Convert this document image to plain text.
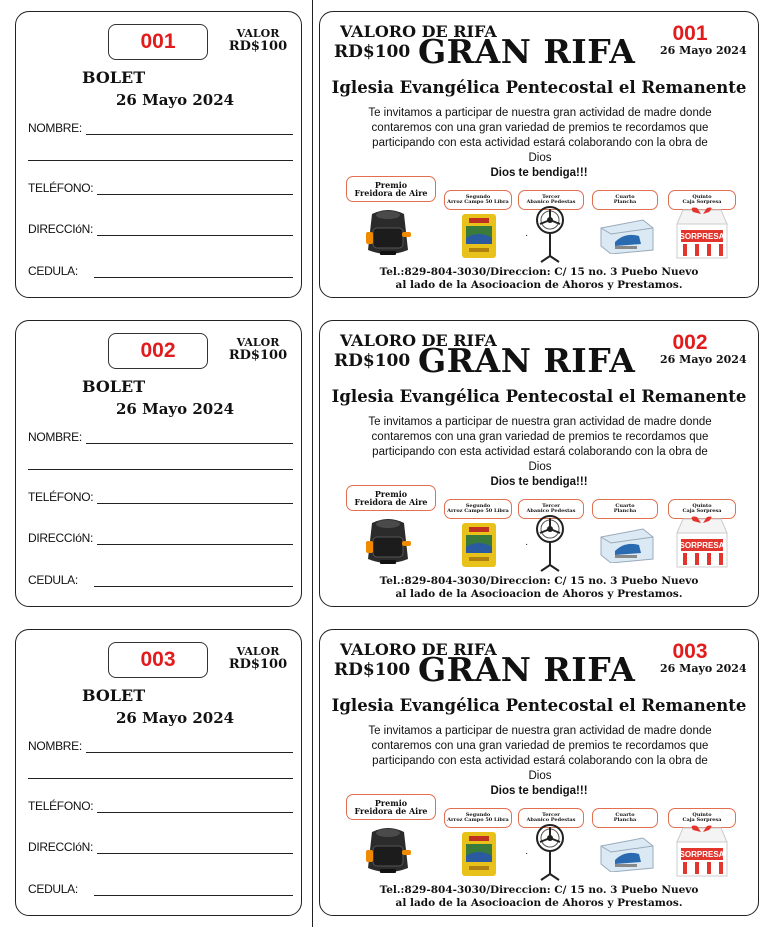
001	VALOR
RD$100
BOLET
26 Mayo 2024
NOMBRE:
TELÉFONO:
DIRECCIóN:
CEDULA:
VALORO DE RIFA
RD$100 GRAN RIFA 001
26 Mayo 2024
Iglesia Evangélica Pentecostal el Remanente
Te invitamos a participar de nuestra gran actividad de madre donde contaremos con una gran variedad de premios te recordamos que participando con esta actividad estará colaborando con la obra de Dios
Dios te bendiga!!!
Premio
Freidora de Aire	Segundo
Arroz Campo 50 Libra
Tercer
Abanico Pedestas
Cuarto
Plancha
Quinto
Caja Sorpresa
·	¡SORPRESA!
Tel.:829-804-3030/Direccion: C/ 15 no. 3 Puebo Nuevo
al lado de la Asocioacion de Ahoros y Prestamos.
002	VALOR
RD$100
BOLET
26 Mayo 2024
NOMBRE:
TELÉFONO:
DIRECCIóN:
CEDULA:
VALORO DE RIFA
RD$100 GRAN RIFA 002
26 Mayo 2024
Iglesia Evangélica Pentecostal el Remanente
Te invitamos a participar de nuestra gran actividad de madre donde contaremos con una gran variedad de premios te recordamos que participando con esta actividad estará colaborando con la obra de Dios
Dios te bendiga!!!
Premio
Freidora de Aire	Segundo
Arroz Campo 50 Libra
Tercer
Abanico Pedestas
Cuarto
Plancha
Quinto
Caja Sorpresa
·	¡SORPRESA!
Tel.:829-804-3030/Direccion: C/ 15 no. 3 Puebo Nuevo
al lado de la Asocioacion de Ahoros y Prestamos.
003	VALOR
RD$100
BOLET
26 Mayo 2024
NOMBRE:
TELÉFONO:
DIRECCIóN:
CEDULA:
VALORO DE RIFA
RD$100 GRAN RIFA 003
26 Mayo 2024
Iglesia Evangélica Pentecostal el Remanente
Te invitamos a participar de nuestra gran actividad de madre donde contaremos con una gran variedad de premios te recordamos que participando con esta actividad estará colaborando con la obra de Dios
Dios te bendiga!!!
Premio
Freidora de Aire	Segundo
Arroz Campo 50 Libra
Tercer
Abanico Pedestas
Cuarto
Plancha
Quinto
Caja Sorpresa
·	¡SORPRESA!
Tel.:829-804-3030/Direccion: C/ 15 no. 3 Puebo Nuevo
al lado de la Asocioacion de Ahoros y Prestamos.
